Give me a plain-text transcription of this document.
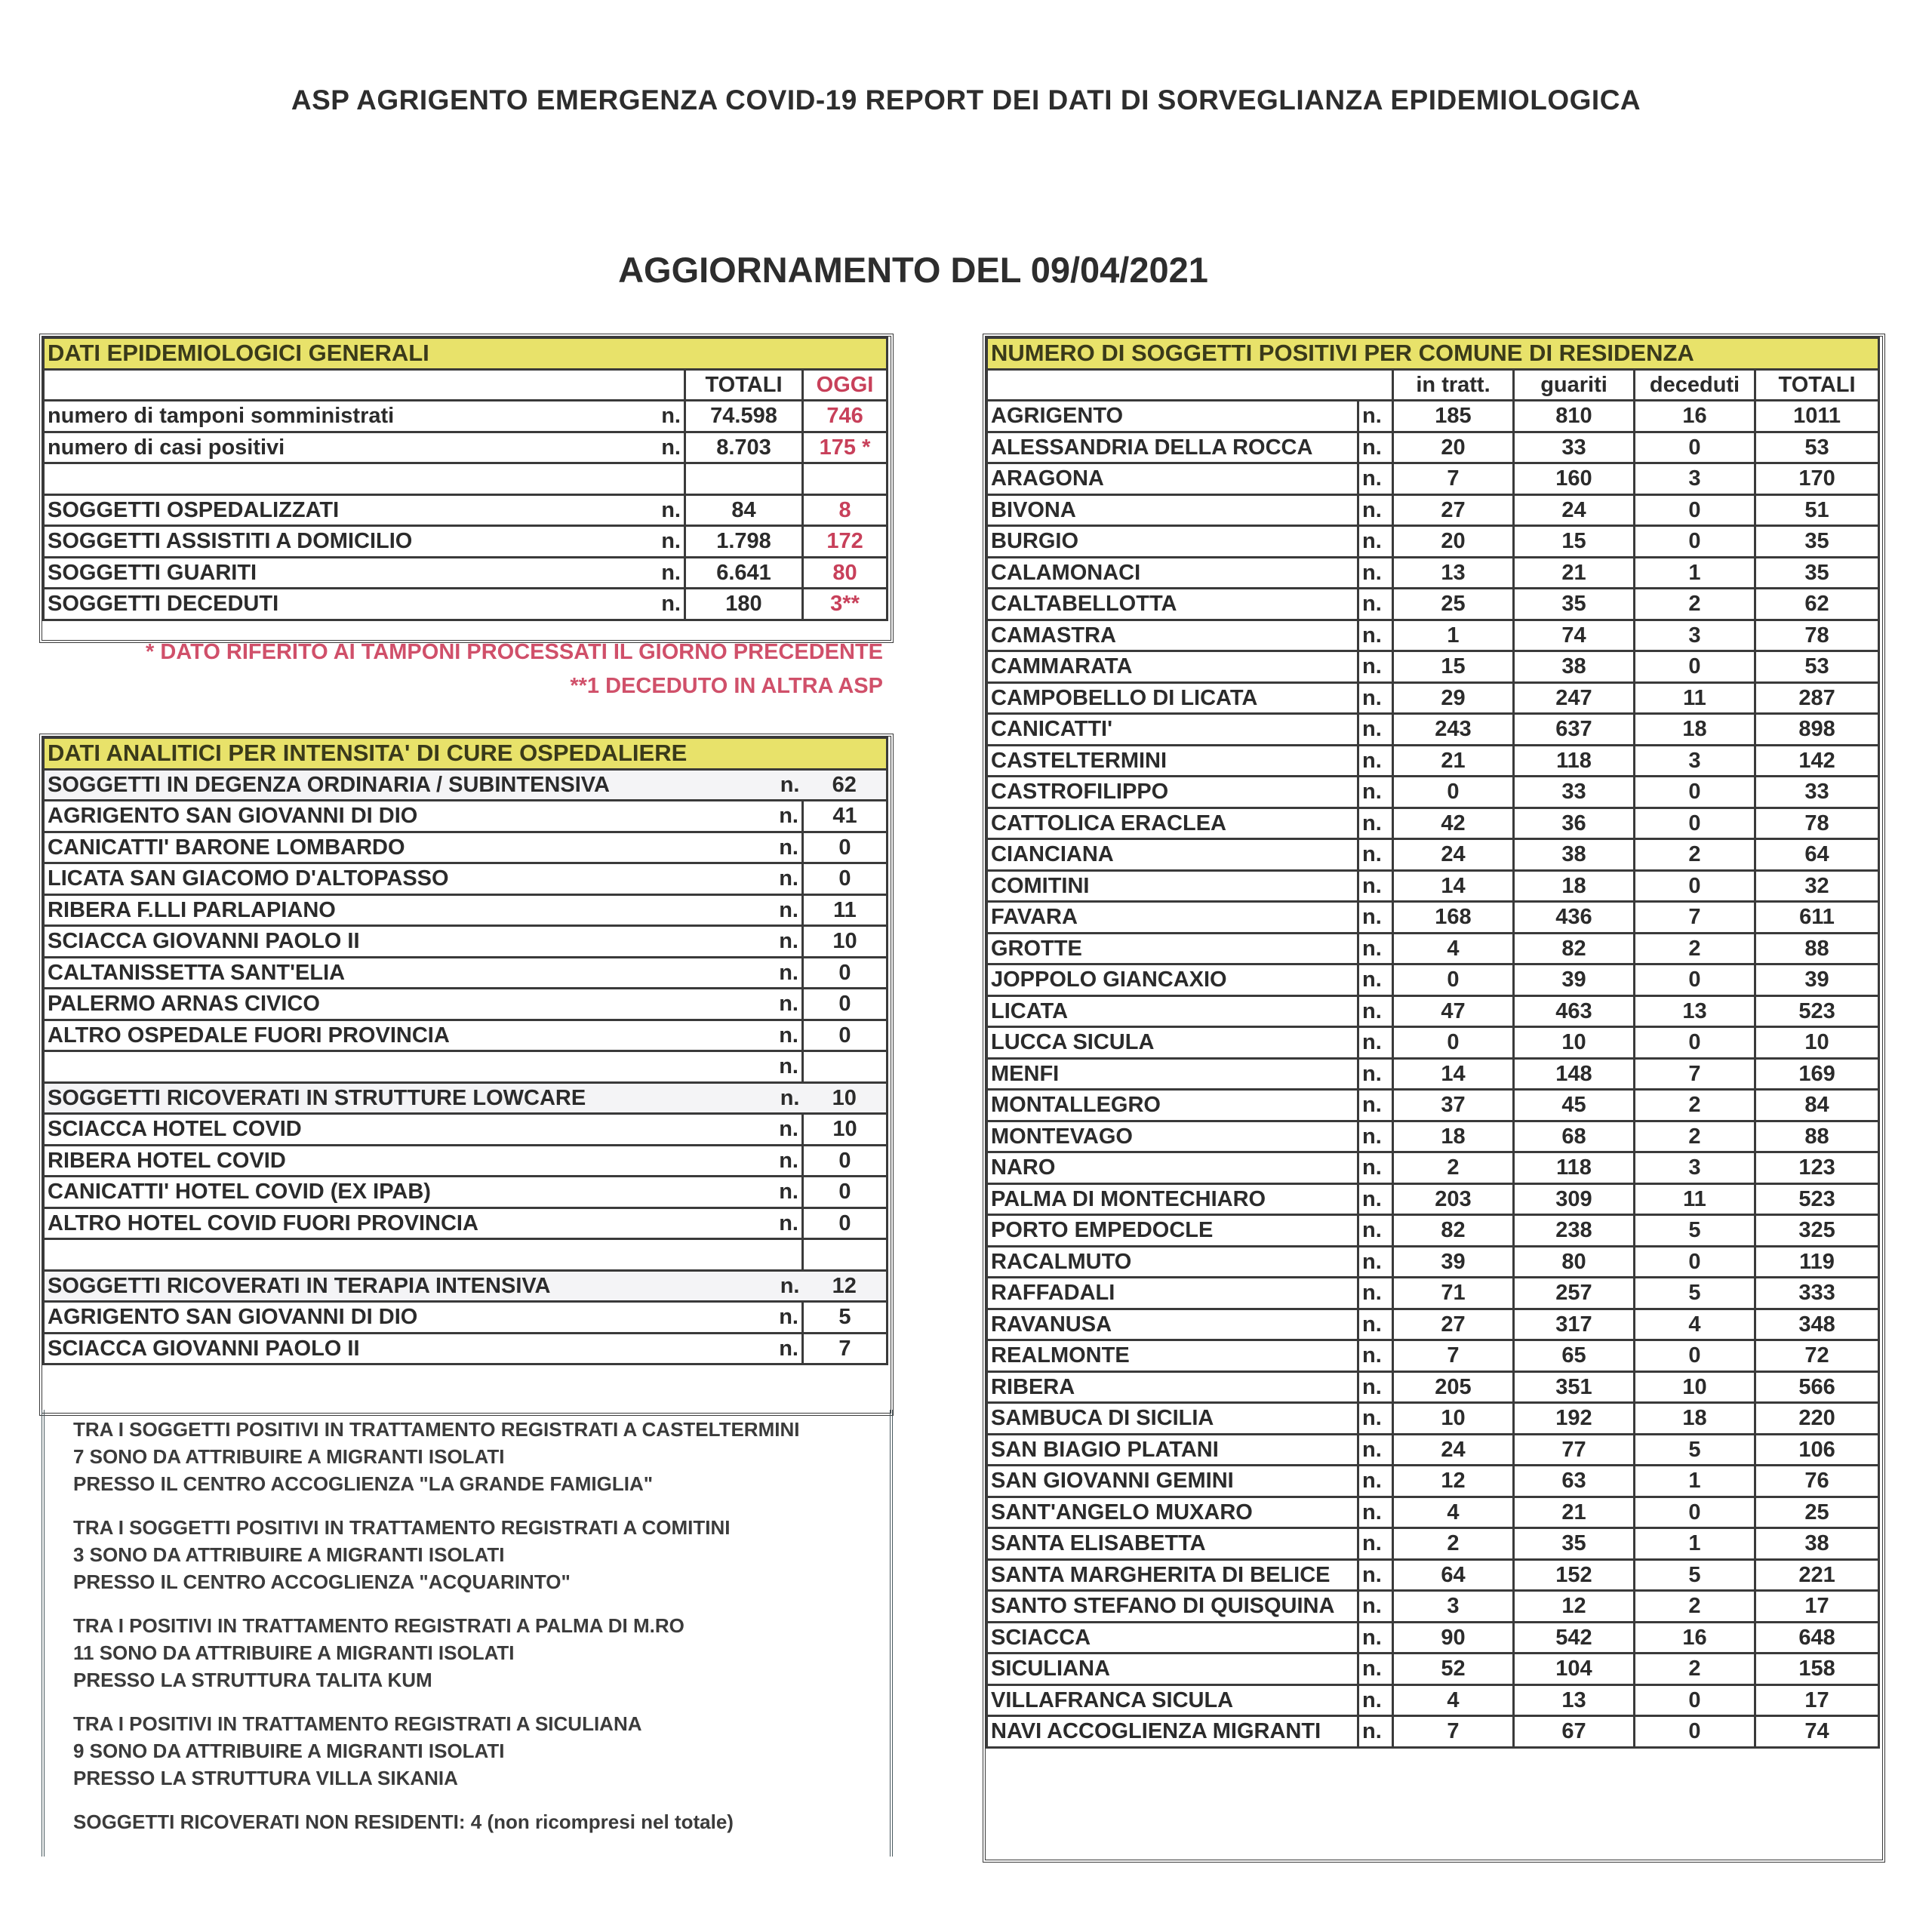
ASP AGRIGENTO EMERGENZA COVID-19 REPORT DEI DATI DI SORVEGLIANZA EPIDEMIOLOGICA
AGGIORNAMENTO DEL 09/04/2021
DATI EPIDEMIOLOGICI GENERALI			
		TOTALI	OGGI
numero di tamponi somministrati	n.	74.598	746
numero di casi positivi	n.	8.703	175 *

SOGGETTI OSPEDALIZZATI	n.	84	8
SOGGETTI ASSISTITI A DOMICILIO	n.	1.798	172
SOGGETTI GUARITI	n.	6.641	80
SOGGETTI DECEDUTI	n.	180	3**
* DATO RIFERITO AI TAMPONI PROCESSATI IL GIORNO PRECEDENTE
**1 DECEDUTO IN ALTRA ASP
DATI ANALITICI PER INTENSITA' DI CURE OSPEDALIERE		
SOGGETTI IN DEGENZA ORDINARIA / SUBINTENSIVA	n.	62
AGRIGENTO SAN GIOVANNI DI DIO	n.	41
CANICATTI' BARONE LOMBARDO	n.	0
LICATA SAN GIACOMO D'ALTOPASSO	n.	0
RIBERA F.LLI PARLAPIANO	n.	11
SCIACCA GIOVANNI PAOLO II	n.	10
CALTANISSETTA SANT'ELIA	n.	0
PALERMO ARNAS CIVICO	n.	0
ALTRO OSPEDALE FUORI PROVINCIA	n.	0
	n.	
SOGGETTI RICOVERATI IN STRUTTURE LOWCARE	n.	10
SCIACCA HOTEL COVID	n.	10
RIBERA HOTEL COVID	n.	0
CANICATTI' HOTEL COVID (EX IPAB)	n.	0
ALTRO HOTEL COVID FUORI PROVINCIA	n.	0

SOGGETTI RICOVERATI IN TERAPIA INTENSIVA	n.	12
AGRIGENTO SAN GIOVANNI DI DIO	n.	5
SCIACCA GIOVANNI PAOLO II	n.	7

TRA I SOGGETTI POSITIVI IN TRATTAMENTO REGISTRATI A CASTELTERMINI

7 SONO DA ATTRIBUIRE A MIGRANTI ISOLATI

PRESSO IL CENTRO ACCOGLIENZA "LA GRANDE FAMIGLIA"

TRA I SOGGETTI POSITIVI IN TRATTAMENTO REGISTRATI A COMITINI

3 SONO DA ATTRIBUIRE A MIGRANTI ISOLATI

PRESSO IL CENTRO ACCOGLIENZA "ACQUARINTO"

TRA I POSITIVI IN TRATTAMENTO REGISTRATI A PALMA DI M.RO

11 SONO DA ATTRIBUIRE A MIGRANTI ISOLATI

PRESSO LA STRUTTURA TALITA KUM

TRA I POSITIVI IN TRATTAMENTO REGISTRATI A SICULIANA

9 SONO DA ATTRIBUIRE A MIGRANTI ISOLATI

PRESSO LA STRUTTURA VILLA SIKANIA

SOGGETTI RICOVERATI NON RESIDENTI: 4 (non ricompresi nel totale)

NUMERO DI SOGGETTI POSITIVI PER COMUNE DI RESIDENZA					
		in tratt.	guariti	deceduti	TOTALI
AGRIGENTO	n.	185	810	16	1011
ALESSANDRIA DELLA ROCCA	n.	20	33	0	53
ARAGONA	n.	7	160	3	170
BIVONA	n.	27	24	0	51
BURGIO	n.	20	15	0	35
CALAMONACI	n.	13	21	1	35
CALTABELLOTTA	n.	25	35	2	62
CAMASTRA	n.	1	74	3	78
CAMMARATA	n.	15	38	0	53
CAMPOBELLO DI LICATA	n.	29	247	11	287
CANICATTI'	n.	243	637	18	898
CASTELTERMINI	n.	21	118	3	142
CASTROFILIPPO	n.	0	33	0	33
CATTOLICA ERACLEA	n.	42	36	0	78
CIANCIANA	n.	24	38	2	64
COMITINI	n.	14	18	0	32
FAVARA	n.	168	436	7	611
GROTTE	n.	4	82	2	88
JOPPOLO GIANCAXIO	n.	0	39	0	39
LICATA	n.	47	463	13	523
LUCCA SICULA	n.	0	10	0	10
MENFI	n.	14	148	7	169
MONTALLEGRO	n.	37	45	2	84
MONTEVAGO	n.	18	68	2	88
NARO	n.	2	118	3	123
PALMA DI MONTECHIARO	n.	203	309	11	523
PORTO EMPEDOCLE	n.	82	238	5	325
RACALMUTO	n.	39	80	0	119
RAFFADALI	n.	71	257	5	333
RAVANUSA	n.	27	317	4	348
REALMONTE	n.	7	65	0	72
RIBERA	n.	205	351	10	566
SAMBUCA DI SICILIA	n.	10	192	18	220
SAN BIAGIO PLATANI	n.	24	77	5	106
SAN GIOVANNI GEMINI	n.	12	63	1	76
SANT'ANGELO MUXARO	n.	4	21	0	25
SANTA ELISABETTA	n.	2	35	1	38
SANTA MARGHERITA DI BELICE	n.	64	152	5	221
SANTO STEFANO DI QUISQUINA	n.	3	12	2	17
SCIACCA	n.	90	542	16	648
SICULIANA	n.	52	104	2	158
VILLAFRANCA SICULA	n.	4	13	0	17
NAVI ACCOGLIENZA MIGRANTI	n.	7	67	0	74
